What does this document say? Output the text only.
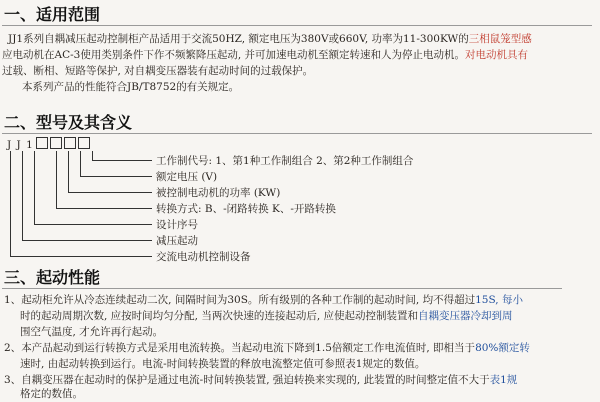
一、适用范围
JJ1系列自耦减压起动控制柜产品适用于交流50HZ, 额定电压为380V或660V, 功率为11-300KW的三相鼠笼型感
应电动机在AC-3使用类别条件下作不频繁降压起动, 并可加速电动机至额定转速和人为停止电动机。对电动机具有
过载、断相、短路等保护, 对自耦变压器装有起动时间的过载保护。
本系列产品的性能符合JB/T8752的有关规定。
二、型号及其含义
J J 1
工作制代号: 1、第1种工作制组合 2、第2种工作制组合
额定电压 (V)
被控制电动机的功率 (KW)
转换方式: B、-闭路转换 K、-开路转换
设计序号
减压起动
交流电动机控制设备
三、起动性能
1、起动柜允许从冷态连续起动二次, 间隔时间为30S。所有级别的各种工作制的起动时间, 均不得超过15S, 每小
时的起动周期次数, 应按时间均匀分配, 当两次快速的连接起动后, 应使起动控制装置和自耦变压器冷却到周
围空气温度, 才允许再行起动。
2、本产品起动到运行转换方式是采用电流转换。当起动电流下降到1.5倍额定工作电流值时, 即相当于80%额定转
速时, 由起动转换到运行。电流-时间转换装置的释放电流整定值可参照表1规定的数值。
3、自耦变压器在起动时的保护是通过电流-时间转换装置, 强迫转换来实现的, 此装置的时间整定值不大于表1规
格定的数值。
